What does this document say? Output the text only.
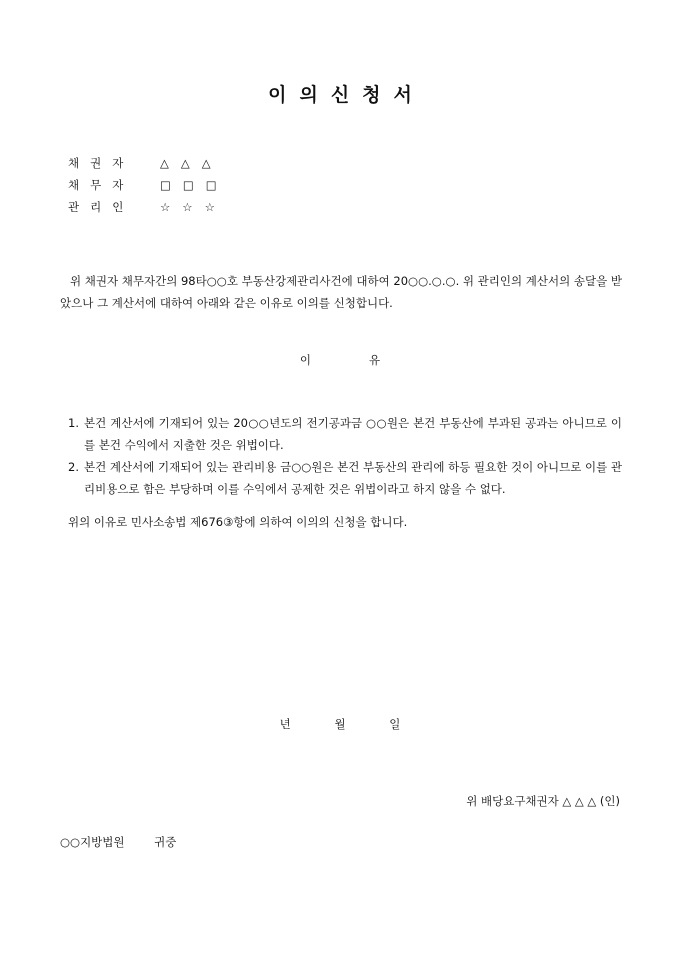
이의신청서
채권자	△△△
채무자	□□□
관리인	☆☆☆
위 채권자 채무자간의 98타○○호 부동산강제관리사건에 대하여 20○○.○.○. 위 관리인의 계산서의 송달을 받았으나 그 계산서에 대하여 아래와 같은 이유로 이의를 신청합니다.
이	유
1. 본건 계산서에 기재되어 있는 20○○년도의 전기공과금 ○○원은 본건 부동산에 부과된 공과는 아니므로 이를 본건 수익에서 지출한 것은 위법이다.
2. 본건 계산서에 기재되어 있는 관리비용 금○○원은 본건 부동산의 관리에 하등 필요한 것이 아니므로 이를 관리비용으로 함은 부당하며 이를 수익에서 공제한 것은 위법이라고 하지 않을 수 없다.
위의 이유로 민사소송법 제676③항에 의하여 이의의 신청을 합니다.
년	월	일
위 배당요구채권자 △ △ △ (인)
○○지방법원	귀중
